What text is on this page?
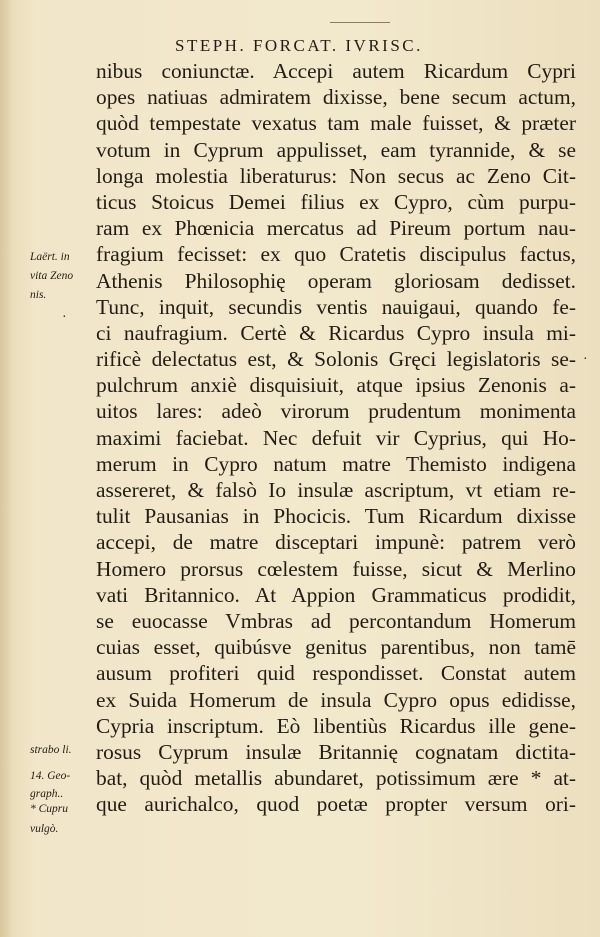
STEPH. FORCAT. IVRISC.
nibus coniunctæ. Accepi autem Ricardum Cypri
opes natiuas admiratem dixisse, bene secum actum,
quòd tempestate vexatus tam male fuisset, & præter
votum in Cyprum appulisset, eam tyrannide, & se
longa molestia liberaturus: Non secus ac Zeno Cit-
ticus Stoicus Demei filius ex Cypro, cùm purpu-
ram ex Phœnicia mercatus ad Pireum portum nau-
fragium fecisset: ex quo Cratetis discipulus factus,
Athenis Philosophię operam gloriosam dedisset.
Tunc, inquit, secundis ventis nauigaui, quando fe-
ci naufragium. Certè & Ricardus Cypro insula mi-
rificè delectatus est, & Solonis Gręci legislatoris se-
pulchrum anxiè disquisiuit, atque ipsius Zenonis a-
uitos lares: adeò virorum prudentum monimenta
maximi faciebat. Nec defuit vir Cyprius, qui Ho-
merum in Cypro natum matre Themisto indigena
assereret, & falsò Io insulæ ascriptum, vt etiam re-
tulit Pausanias in Phocicis. Tum Ricardum dixisse
accepi, de matre disceptari impunè: patrem verò
Homero prorsus cœlestem fuisse, sicut & Merlino
vati Britannico. At Appion Grammaticus prodidit,
se euocasse Vmbras ad percontandum Homerum
cuias esset, quibúsve genitus parentibus, non tamē
ausum profiteri quid respondisset. Constat autem
ex Suida Homerum de insula Cypro opus edidisse,
Cypria inscriptum. Eò libentiùs Ricardus ille gene-
rosus Cyprum insulæ Britannię cognatam dictita-
bat, quòd metallis abundaret, potissimum ære * at-
que aurichalco, quod poetæ propter versum ori-
Laërt. in
vita Zeno
nis.
strabo li.
14. Geo-
graph..
* Cupru
vulgò.
·
·
